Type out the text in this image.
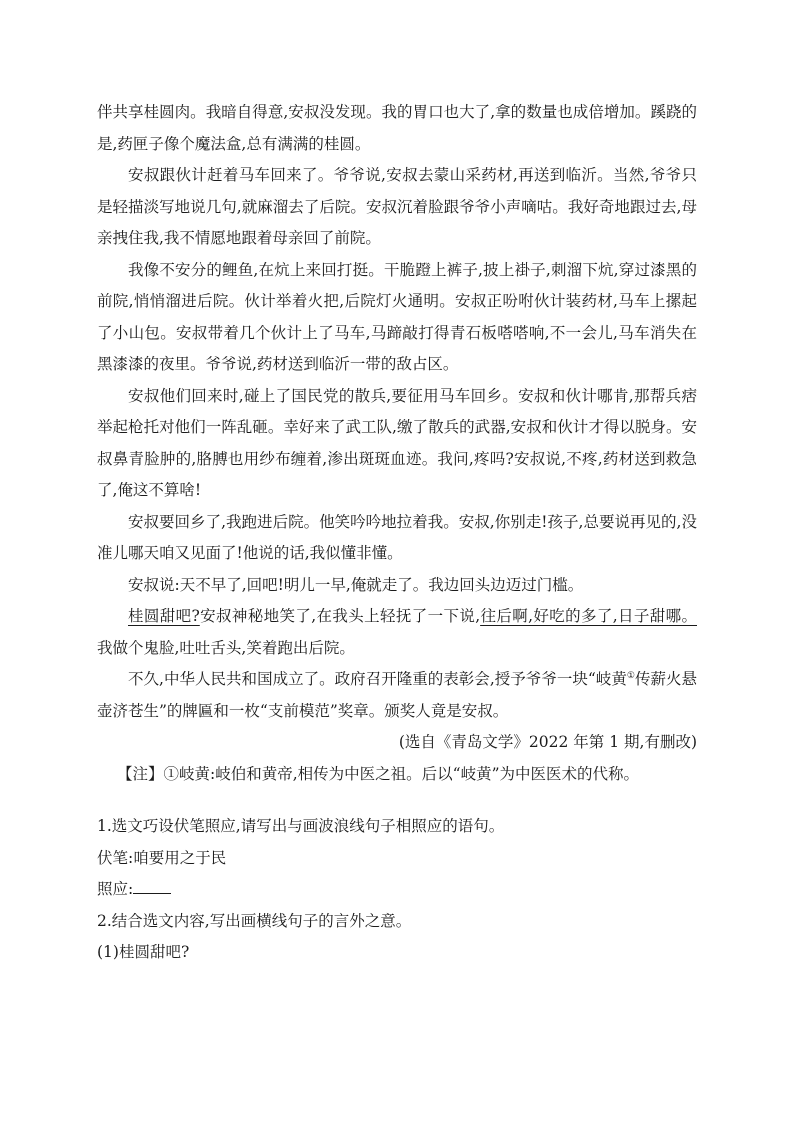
伴共享桂圆肉。我暗自得意,安叔没发现。我的胃口也大了,拿的数量也成倍增加。蹊跷的是,药匣子像个魔法盒,总有满满的桂圆。

安叔跟伙计赶着马车回来了。爷爷说,安叔去蒙山采药材,再送到临沂。当然,爷爷只是轻描淡写地说几句,就麻溜去了后院。安叔沉着脸跟爷爷小声嘀咕。我好奇地跟过去,母亲拽住我,我不情愿地跟着母亲回了前院。

我像不安分的鲤鱼,在炕上来回打挺。干脆蹬上裤子,披上褂子,刺溜下炕,穿过漆黑的前院,悄悄溜进后院。伙计举着火把,后院灯火通明。安叔正吩咐伙计装药材,马车上摞起了小山包。安叔带着几个伙计上了马车,马蹄敲打得青石板嗒嗒响,不一会儿,马车消失在黑漆漆的夜里。爷爷说,药材送到临沂一带的敌占区。

安叔他们回来时,碰上了国民党的散兵,要征用马车回乡。安叔和伙计哪肯,那帮兵痞举起枪托对他们一阵乱砸。幸好来了武工队,缴了散兵的武器,安叔和伙计才得以脱身。安叔鼻青脸肿的,胳膊也用纱布缠着,渗出斑斑血迹。我问,疼吗?安叔说,不疼,药材送到救急了,俺这不算啥!

安叔要回乡了,我跑进后院。他笑吟吟地拉着我。安叔,你别走!孩子,总要说再见的,没准儿哪天咱又见面了!他说的话,我似懂非懂。

安叔说:天不早了,回吧!明儿一早,俺就走了。我边回头边迈过门槛。

桂圆甜吧?安叔神秘地笑了,在我头上轻抚了一下说,往后啊,好吃的多了,日子甜哪。我做个鬼脸,吐吐舌头,笑着跑出后院。

不久,中华人民共和国成立了。政府召开隆重的表彰会,授予爷爷一块“岐黄①传薪火悬壶济苍生”的牌匾和一枚“支前模范”奖章。颁奖人竟是安叔。

(选自《青岛文学》2022 年第 1 期,有删改)

【注】①岐黄:岐伯和黄帝,相传为中医之祖。后以“岐黄”为中医医术的代称。

1.选文巧设伏笔照应,请写出与画波浪线句子相照应的语句。

伏笔:咱要用之于民

照应:

2.结合选文内容,写出画横线句子的言外之意。

(1)桂圆甜吧?
